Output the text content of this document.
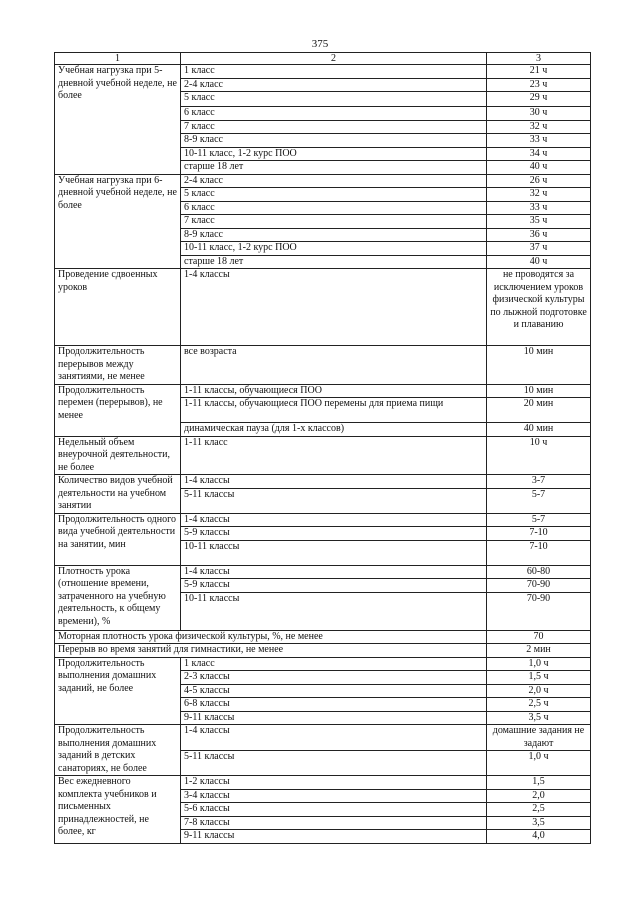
375
1	2	3
Учебная нагрузка при 5-дневной учебной неделе, не более	1 класс	21 ч
	2-4 класс	23 ч
	5 класс	29 ч
	6 класс	30 ч
	7 класс	32 ч
	8-9 класс	33 ч
	10-11 класс, 1-2 курс ПОО	34 ч
	старше 18 лет	40 ч
Учебная нагрузка при 6-дневной учебной неделе, не более	2-4 класс	26 ч
	5 класс	32 ч
	6 класс	33 ч
	7 класс	35 ч
	8-9 класс	36 ч
	10-11 класс, 1-2 курс ПОО	37 ч
	старше 18 лет	40 ч
Проведение сдвоенных уроков	1-4 классы	не проводятся за исключением уроков физической культуры по лыжной подготовке и плаванию
Продолжительность перерывов между занятиями, не менее	все возраста	10 мин
Продолжительность перемен (перерывов), не менее	1-11 классы, обучающиеся ПОО	10 мин
	1-11 классы, обучающиеся ПОО перемены для приема пищи	20 мин
	динамическая пауза (для 1-х классов)	40 мин
Недельный объем внеурочной деятельности, не более	1-11 класс	10 ч
Количество видов учебной деятельности на учебном занятии	1-4 классы	3-7
	5-11 классы	5-7
Продолжительность одного вида учебной деятельности на занятии, мин	1-4 классы	5-7
	5-9 классы	7-10
	10-11 классы	7-10
Плотность урока (отношение времени, затраченного на учебную деятельность, к общему времени), %	1-4 классы	60-80
	5-9 классы	70-90
	10-11 классы	70-90
Моторная плотность урока физической культуры, %, не менее		70
Перерыв во время занятий для гимнастики, не менее		2 мин
Продолжительность выполнения домашних заданий, не более	1 класс	1,0 ч
	2-3 классы	1,5 ч
	4-5 классы	2,0 ч
	6-8 классы	2,5 ч
	9-11 классы	3,5 ч
Продолжительность выполнения домашних заданий в детских санаториях, не более	1-4 классы	домашние задания не задают
	5-11 классы	1,0 ч
Вес ежедневного комплекта учебников и письменных принадлежностей, не более, кг	1-2 классы	1,5
	3-4 классы	2,0
	5-6 классы	2,5
	7-8 классы	3,5
	9-11 классы	4,0
